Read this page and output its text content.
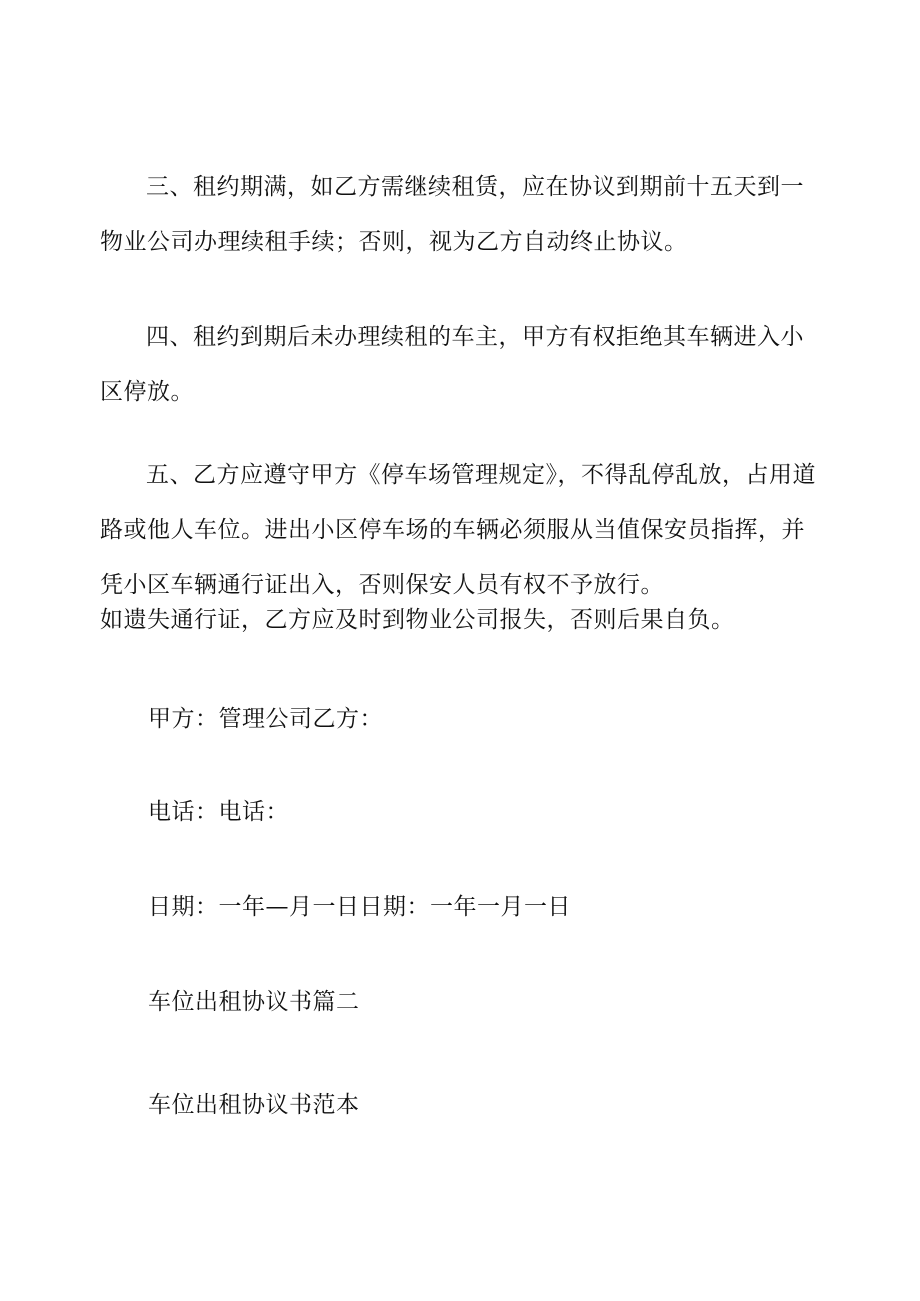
三、租约期满，如乙方需继续租赁，应在协议到期前十五天到一物业公司办理续租手续；否则，视为乙方自动终止协议。

四、租约到期后未办理续租的车主，甲方有权拒绝其车辆进入小区停放。

五、乙方应遵守甲方《停车场管理规定》，不得乱停乱放，占用道路或他人车位。进出小区停车场的车辆必须服从当值保安员指挥，并凭小区车辆通行证出入，否则保安人员有权不予放行。

如遗失通行证，乙方应及时到物业公司报失，否则后果自负。

甲方：管理公司乙方：

电话：电话：

日期：一年—月一日日期：一年一月一日

车位出租协议书篇二

车位出租协议书范本
